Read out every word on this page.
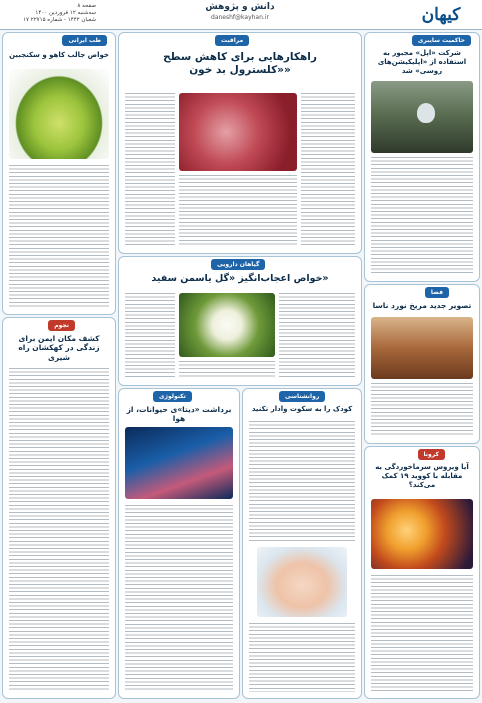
کیهان
دانش و پژوهش
daneshf@kayhan.ir
صفحه ۸
سه‌شنبه ۱۲ فروردین ۱۴۰۰
۱۷ شعبان ۱۴۴۲ - شماره ۲۲۷۱۵
حاکمیت سایبری
شرکت «اپل» مجبور به استفاده از «اپلیکیشن‌های روسی» شد
طب ایرانی
خواص جالب کاهو و سکنجبین
مراقبت
راهکارهایی برای کاهش سطح «کلسترول بد خون»
گیاهان دارویی
خواص اعجاب‌انگیز «گل یاسمن سفید»
فضا
تصویر جدید مریخ نورد ناسا
نجوم
کشف مکان ایمن برای زندگی در کهکشان راه شیری
تکنولوژی
برداشت «دیتا»ی حیوانات، از هوا
روانشناسی
کودک را به سکوت وادار نکنید
کرونا
آیا ویروس سرماخوردگی به مقابله با کووید ۱۹ کمک می‌کند؟
